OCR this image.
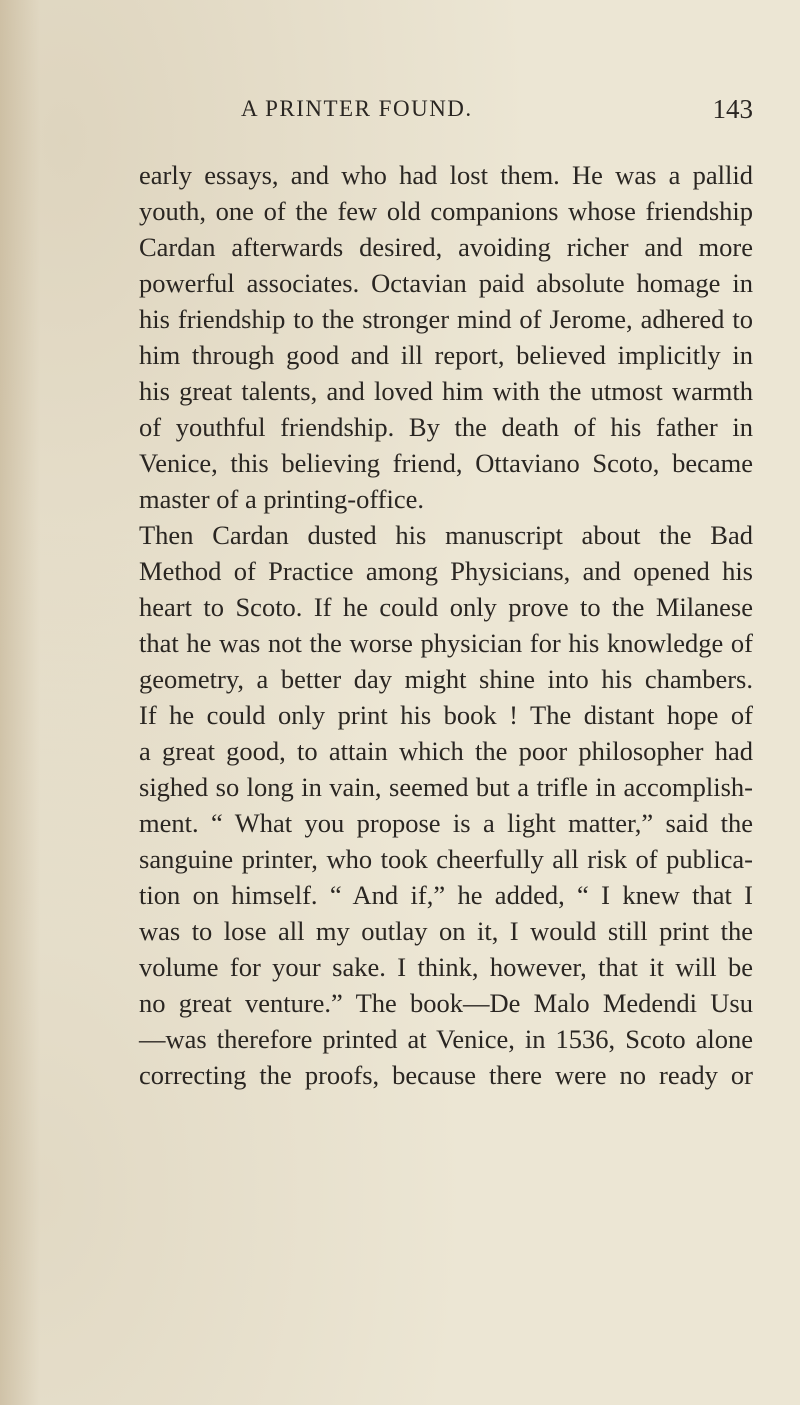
A PRINTER FOUND.	143
early essays, and who had lost them. He was a pallid
youth, one of the few old companions whose friendship
Cardan afterwards desired, avoiding richer and more
powerful associates. Octavian paid absolute homage in
his friendship to the stronger mind of Jerome, adhered to
him through good and ill report, believed implicitly in
his great talents, and loved him with the utmost warmth
of youthful friendship. By the death of his father in
Venice, this believing friend, Ottaviano Scoto, became
master of a printing-office.
Then Cardan dusted his manuscript about the Bad
Method of Practice among Physicians, and opened his
heart to Scoto. If he could only prove to the Milanese
that he was not the worse physician for his knowledge of
geometry, a better day might shine into his chambers.
If he could only print his book ! The distant hope of
a great good, to attain which the poor philosopher had
sighed so long in vain, seemed but a trifle in accomplish-
ment. “ What you propose is a light matter,” said the
sanguine printer, who took cheerfully all risk of publica-
tion on himself. “ And if,” he added, “ I knew that I
was to lose all my outlay on it, I would still print the
volume for your sake. I think, however, that it will be
no great venture.” The book—De Malo Medendi Usu
—was therefore printed at Venice, in 1536, Scoto alone
correcting the proofs, because there were no ready or
